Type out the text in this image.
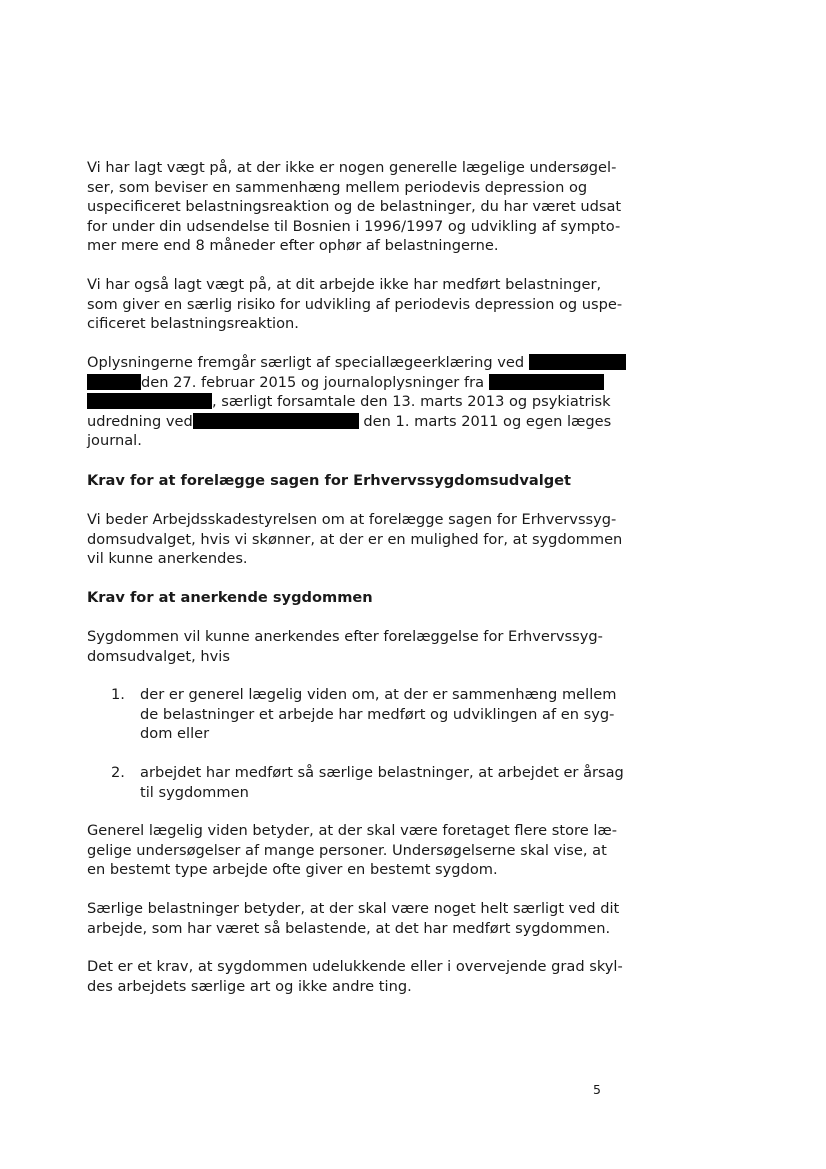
Vi har lagt vægt på, at der ikke er nogen generelle lægelige undersøgel-
ser, som beviser en sammenhæng mellem periodevis depression og
uspecificeret belastningsreaktion og de belastninger, du har været udsat
for under din udsendelse til Bosnien i 1996/1997 og udvikling af sympto-
mer mere end 8 måneder efter ophør af belastningerne.
Vi har også lagt vægt på, at dit arbejde ikke har medført belastninger,
som giver en særlig risiko for udvikling af periodevis depression og uspe-
cificeret belastningsreaktion.
Oplysningerne fremgår særligt af speciallægeerklæring ved
den 27. februar 2015 og journaloplysninger fra
, særligt forsamtale den 13. marts 2013 og psykiatrisk
udredning ved	den 1. marts 2011 og egen læges
journal.
Krav for at forelægge sagen for Erhvervssygdomsudvalget
Vi beder Arbejdsskadestyrelsen om at forelægge sagen for Erhvervssyg-
domsudvalget, hvis vi skønner, at der er en mulighed for, at sygdommen
vil kunne anerkendes.
Krav for at anerkende sygdommen
Sygdommen vil kunne anerkendes efter forelæggelse for Erhvervssyg-
domsudvalget, hvis
1.	der er generel lægelig viden om, at der er sammenhæng mellem
de belastninger et arbejde har medført og udviklingen af en syg-
dom eller
2.	arbejdet har medført så særlige belastninger, at arbejdet er årsag
til sygdommen
Generel lægelig viden betyder, at der skal være foretaget flere store læ-
gelige undersøgelser af mange personer. Undersøgelserne skal vise, at
en bestemt type arbejde ofte giver en bestemt sygdom.
Særlige belastninger betyder, at der skal være noget helt særligt ved dit
arbejde, som har været så belastende, at det har medført sygdommen.
Det er et krav, at sygdommen udelukkende eller i overvejende grad skyl-
des arbejdets særlige art og ikke andre ting.
5
